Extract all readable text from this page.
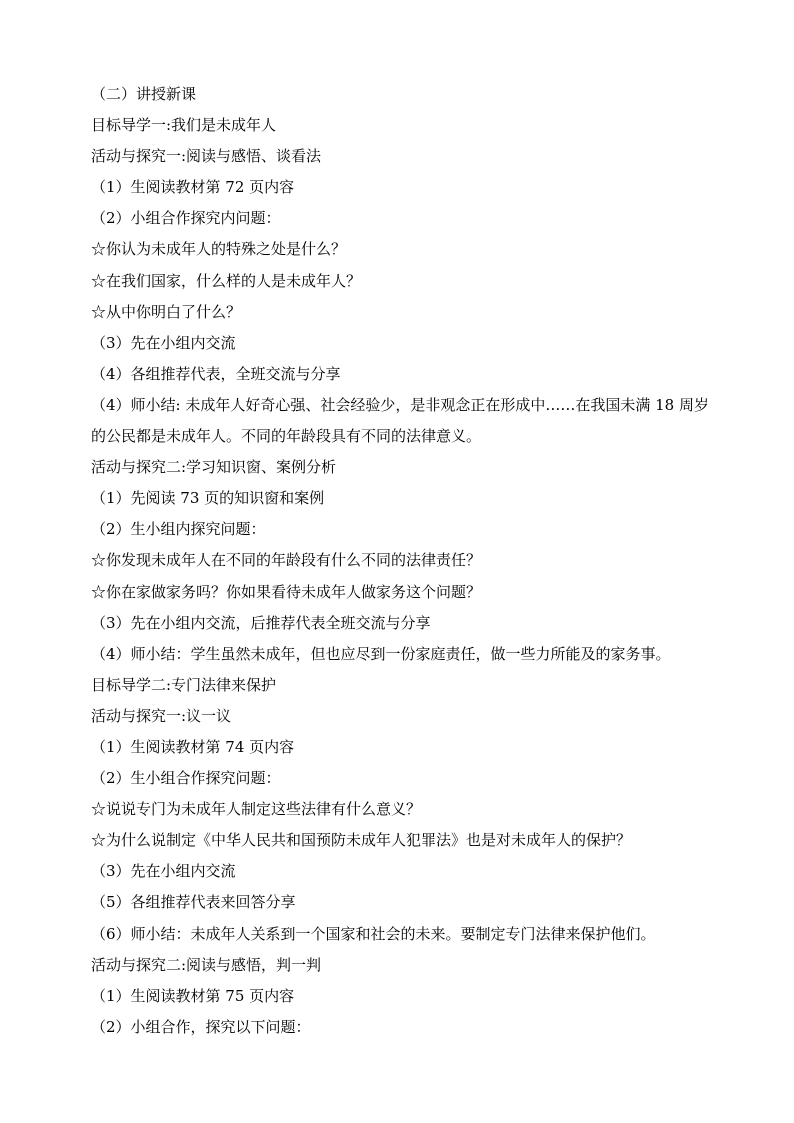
（二）讲授新课
目标导学一:我们是未成年人
活动与探究一:阅读与感悟、谈看法
（1）生阅读教材第 72 页内容
（2）小组合作探究内问题：
☆你认为未成年人的特殊之处是什么？
☆在我们国家，什么样的人是未成年人？
☆从中你明白了什么？
（3）先在小组内交流
（4）各组推荐代表，全班交流与分享
（4）师小结: 未成年人好奇心强、社会经验少，是非观念正在形成中……在我国未满 18 周岁的公民都是未成年人。不同的年龄段具有不同的法律意义。
活动与探究二:学习知识窗、案例分析
（1）先阅读 73 页的知识窗和案例
（2）生小组内探究问题：
☆你发现未成年人在不同的年龄段有什么不同的法律责任？
☆你在家做家务吗？你如果看待未成年人做家务这个问题？
（3）先在小组内交流，后推荐代表全班交流与分享
（4）师小结：学生虽然未成年，但也应尽到一份家庭责任，做一些力所能及的家务事。
目标导学二:专门法律来保护
活动与探究一:议一议
（1）生阅读教材第 74 页内容
（2）生小组合作探究问题：
☆说说专门为未成年人制定这些法律有什么意义？
☆为什么说制定《中华人民共和国预防未成年人犯罪法》也是对未成年人的保护？
（3）先在小组内交流
（5）各组推荐代表来回答分享
（6）师小结：未成年人关系到一个国家和社会的未来。要制定专门法律来保护他们。
活动与探究二:阅读与感悟，判一判
（1）生阅读教材第 75 页内容
（2）小组合作，探究以下问题：
